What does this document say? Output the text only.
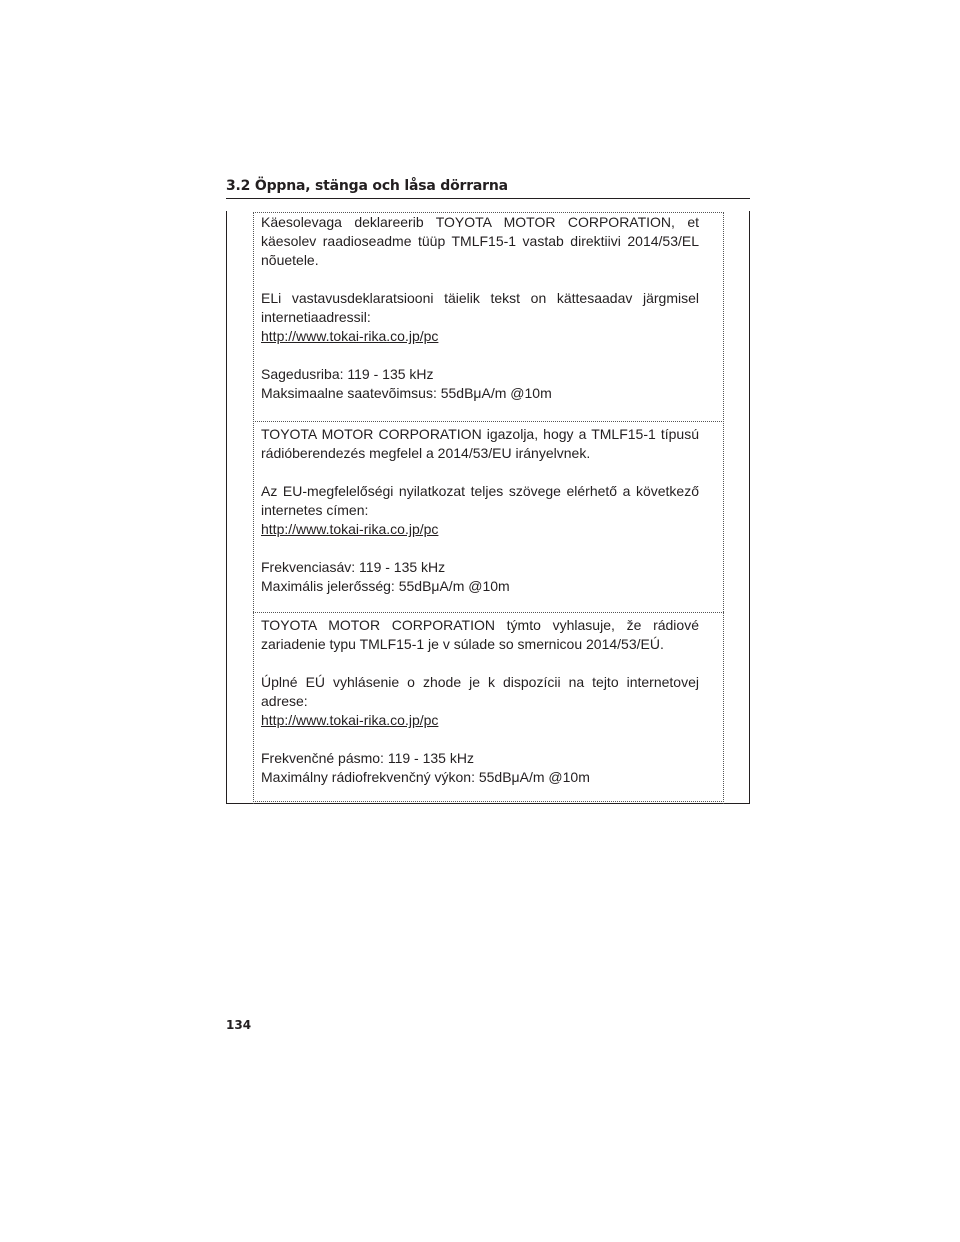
3.2 Öppna, stänga och låsa dörrarna

Käesolevaga deklareerib TOYOTA MOTOR CORPORATION, et käesolev raadioseadme tüüp TMLF15-1 vastab direktiivi 2014/53/EL nõuetele.

ELi vastavusdeklaratsiooni täielik tekst on kättesaadav järgmisel internetiaadressil:

http://www.tokai-rika.co.jp/pc

Sagedusriba: 119 - 135 kHz

Maksimaalne saatevõimsus: 55dBμA/m @10m

TOYOTA MOTOR CORPORATION igazolja, hogy a TMLF15-1 típusú rádióberendezés megfelel a 2014/53/EU irányelvnek.

Az EU-megfelelőségi nyilatkozat teljes szövege elérhető a következő internetes címen:

http://www.tokai-rika.co.jp/pc

Frekvenciasáv: 119 - 135 kHz

Maximális jelerősség: 55dBμA/m @10m

TOYOTA MOTOR CORPORATION týmto vyhlasuje, že rádiové zariadenie typu TMLF15-1 je v súlade so smernicou 2014/53/EÚ.

Úplné EÚ vyhlásenie o zhode je k dispozícii na tejto internetovej adrese:

http://www.tokai-rika.co.jp/pc

Frekvenčné pásmo: 119 - 135 kHz

Maximálny rádiofrekvenčný výkon: 55dBμA/m @10m

134
